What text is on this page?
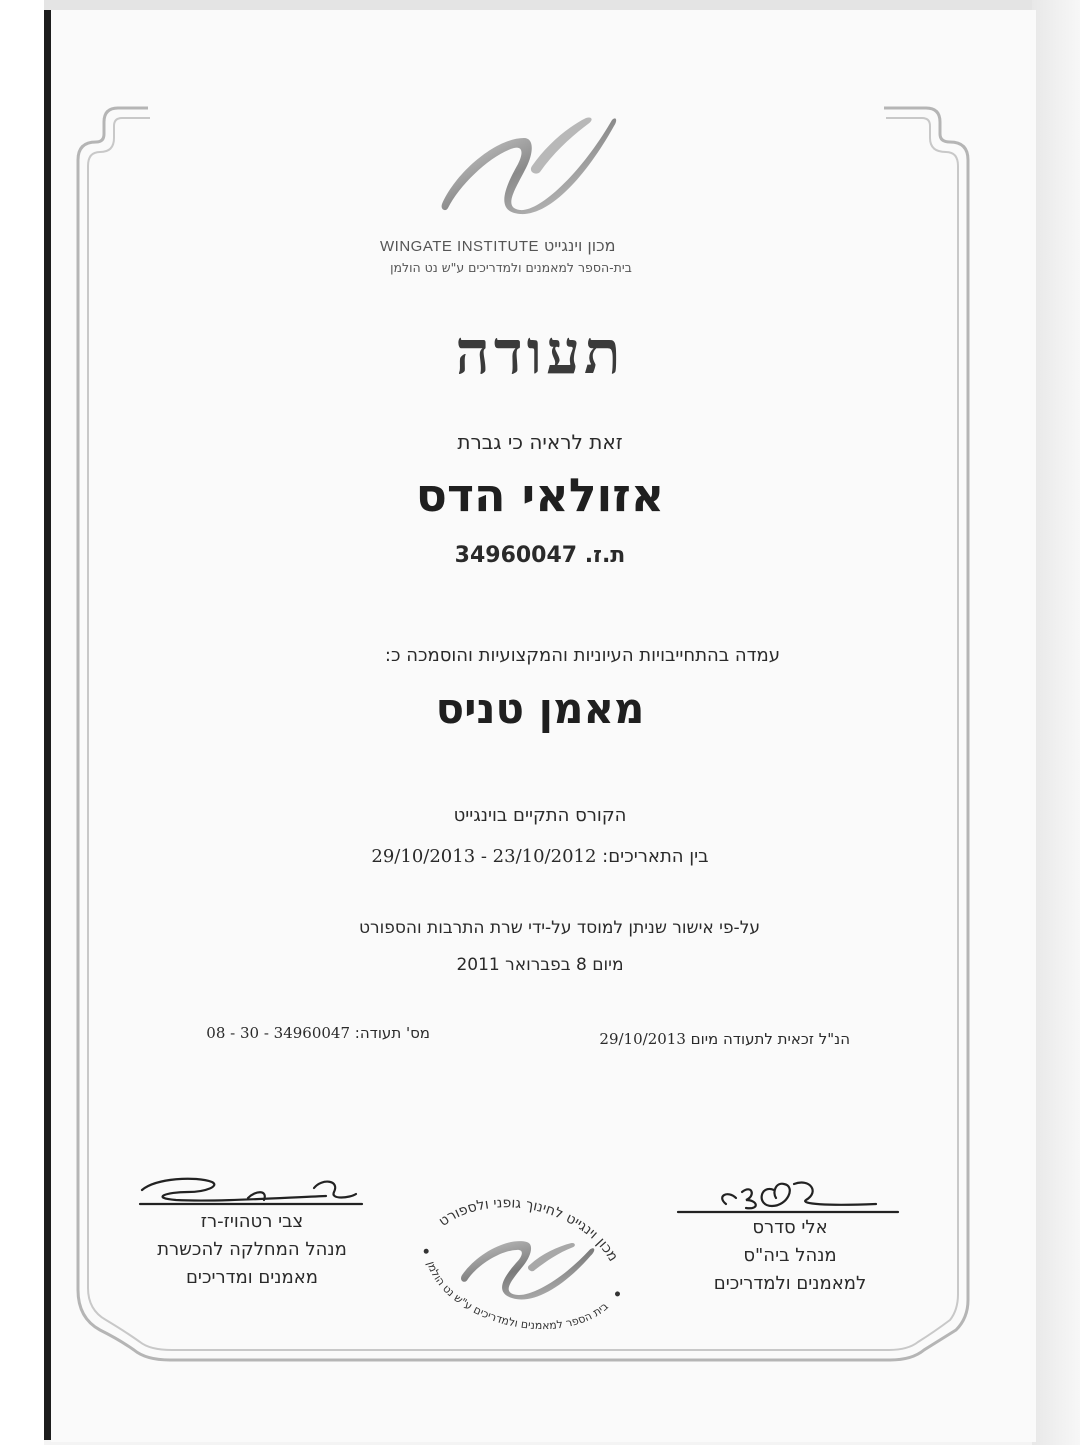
מכון וינגייט WINGATE INSTITUTE
בית-הספר למאמנים ולמדריכים ע"ש נט הולמן
תעודה
זאת לראיה כי גברת
אזולאי הדס
ת.ז. 34960047
עמדה בהתחייבויות העיוניות והמקצועיות והוסמכה כ:
מאמן טניס
הקורס התקיים בוינגייט
בין התאריכים: 29/10/2013 - 23/10/2012
על-פי אישור שניתן למוסד על-ידי שרת התרבות והספורט
מיום 8 בפברואר 2011
הנ"ל זכאית לתעודה מיום 29/10/2013
מס' תעודה: 08 - 30 - 34960047
צבי רטהויז-רז
מנהל המחלקה להכשרת
מאמנים ומדריכים
אלי סדרס
מנהל ביה"ס
למאמנים ולמדריכים
מכון וינגייט לחינוך גופני ולספורט
בית הספר למאמנים ולמדריכים ע"ש נט הולמן
